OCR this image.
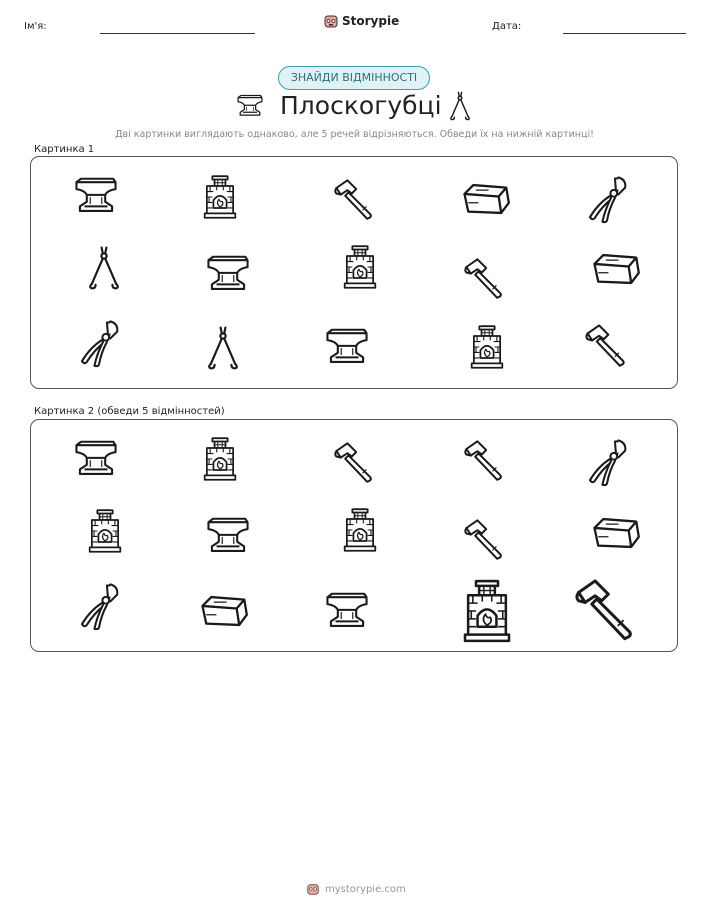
Ім'я:	Storypie	Дата:
ЗНАЙДИ ВІДМІННОСТІ
Плоскогубці
Дві картинки виглядають однаково, але 5 речей відрізняються. Обведи їх на нижній картинці!
Картинка 1
Картинка 2 (обведи 5 відмінностей)
mystorypie.com
